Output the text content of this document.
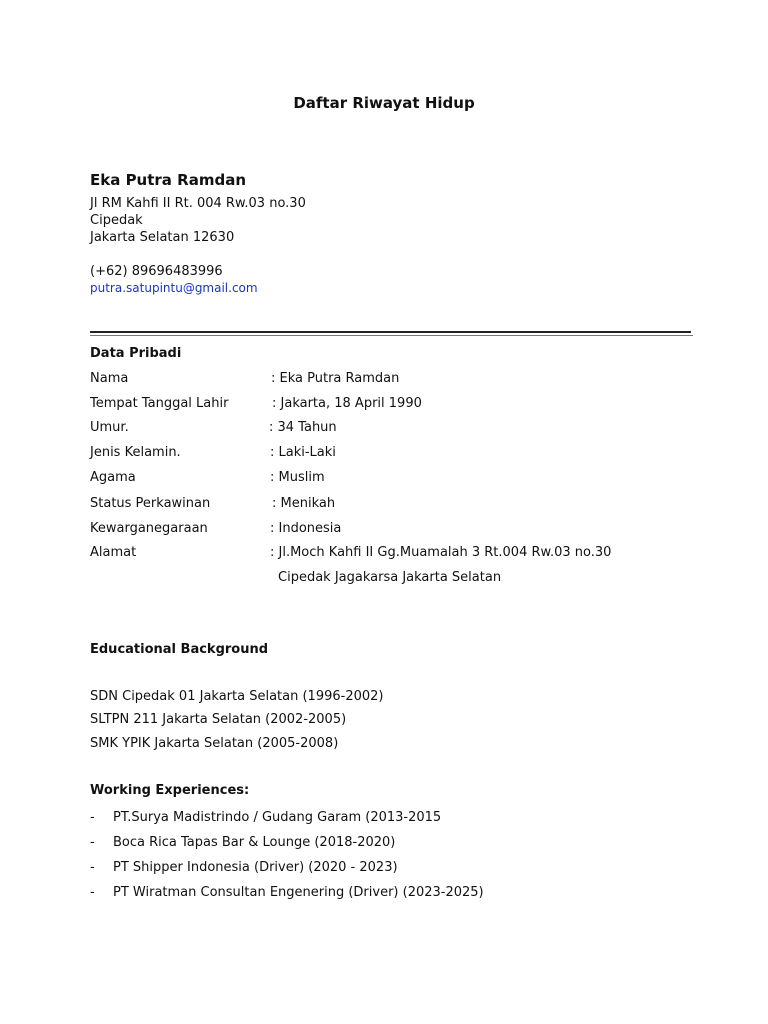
Daftar Riwayat Hidup
Eka Putra Ramdan
Jl RM Kahfi II Rt. 004 Rw.03 no.30
Cipedak
Jakarta Selatan 12630
(+62) 89696483996
putra.satupintu@gmail.com
Data Pribadi
Nama	: Eka Putra Ramdan
Tempat Tanggal Lahir	: Jakarta, 18 April 1990
Umur.	: 34 Tahun
Jenis Kelamin.	: Laki-Laki
Agama	: Muslim
Status Perkawinan	: Menikah
Kewarganegaraan	: Indonesia
Alamat	: Jl.Moch Kahfi II Gg.Muamalah 3 Rt.004 Rw.03 no.30
Cipedak Jagakarsa Jakarta Selatan
Educational Background
SDN Cipedak 01 Jakarta Selatan (1996-2002)
SLTPN 211 Jakarta Selatan (2002-2005)
SMK YPIK Jakarta Selatan (2005-2008)
Working Experiences:
- PT.Surya Madistrindo / Gudang Garam (2013-2015
- Boca Rica Tapas Bar & Lounge (2018-2020)
- PT Shipper Indonesia (Driver) (2020 - 2023)
- PT Wiratman Consultan Engenering (Driver) (2023-2025)
